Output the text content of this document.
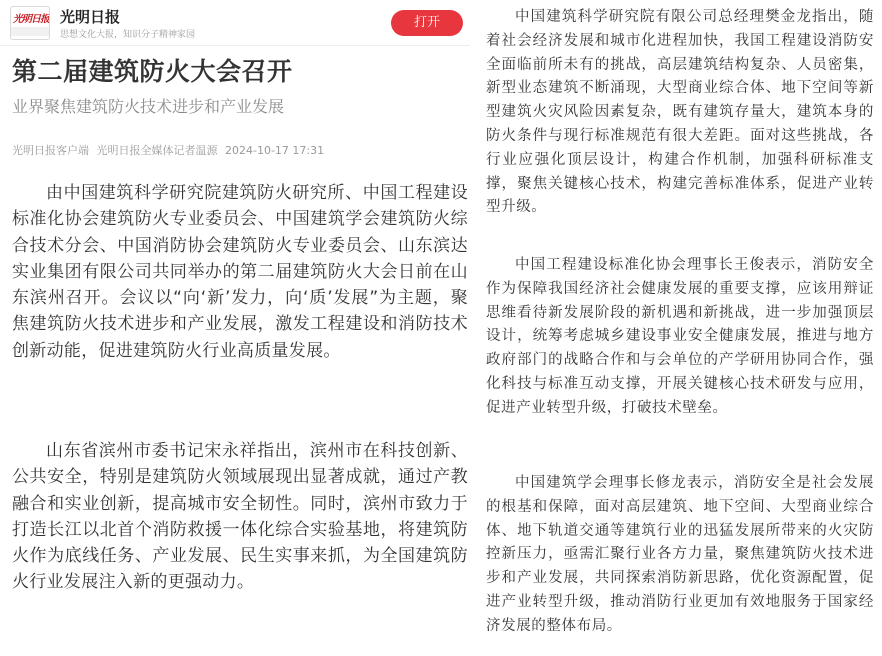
光明日报 光明日报
思想文化大报，知识分子精神家园
打开
第二届建筑防火大会召开
业界聚焦建筑防火技术进步和产业发展
光明日报客户端 光明日报全媒体记者温源 2024-10-17 17:31

由中国建筑科学研究院建筑防火研究所、中国工程建设标准化协会建筑防火专业委员会、中国建筑学会建筑防火综合技术分会、中国消防协会建筑防火专业委员会、山东滨达实业集团有限公司共同举办的第二届建筑防火大会日前在山东滨州召开。会议以“向‘新’发力，向‘质’发展”为主题，聚焦建筑防火技术进步和产业发展，激发工程建设和消防技术创新动能，促进建筑防火行业高质量发展。

山东省滨州市委书记宋永祥指出，滨州市在科技创新、公共安全，特别是建筑防火领域展现出显著成就，通过产教融合和实业创新，提高城市安全韧性。同时，滨州市致力于打造长江以北首个消防救援一体化综合实验基地，将建筑防火作为底线任务、产业发展、民生实事来抓，为全国建筑防火行业发展注入新的更强动力。

中国建筑科学研究院有限公司总经理樊金龙指出，随着社会经济发展和城市化进程加快，我国工程建设消防安全面临前所未有的挑战，高层建筑结构复杂、人员密集，新型业态建筑不断涌现，大型商业综合体、地下空间等新型建筑火灾风险因素复杂，既有建筑存量大，建筑本身的防火条件与现行标准规范有很大差距。面对这些挑战，各行业应强化顶层设计，构建合作机制，加强科研标准支撑，聚焦关键核心技术，构建完善标准体系，促进产业转型升级。

中国工程建设标准化协会理事长王俊表示，消防安全作为保障我国经济社会健康发展的重要支撑，应该用辩证思维看待新发展阶段的新机遇和新挑战，进一步加强顶层设计，统筹考虑城乡建设事业安全健康发展，推进与地方政府部门的战略合作和与会单位的产学研用协同合作，强化科技与标准互动支撑，开展关键核心技术研发与应用，促进产业转型升级，打破技术壁垒。

中国建筑学会理事长修龙表示，消防安全是社会发展的根基和保障，面对高层建筑、地下空间、大型商业综合体、地下轨道交通等建筑行业的迅猛发展所带来的火灾防控新压力，亟需汇聚行业各方力量，聚焦建筑防火技术进步和产业发展，共同探索消防新思路，优化资源配置，促进产业转型升级，推动消防行业更加有效地服务于国家经济发展的整体布局。
